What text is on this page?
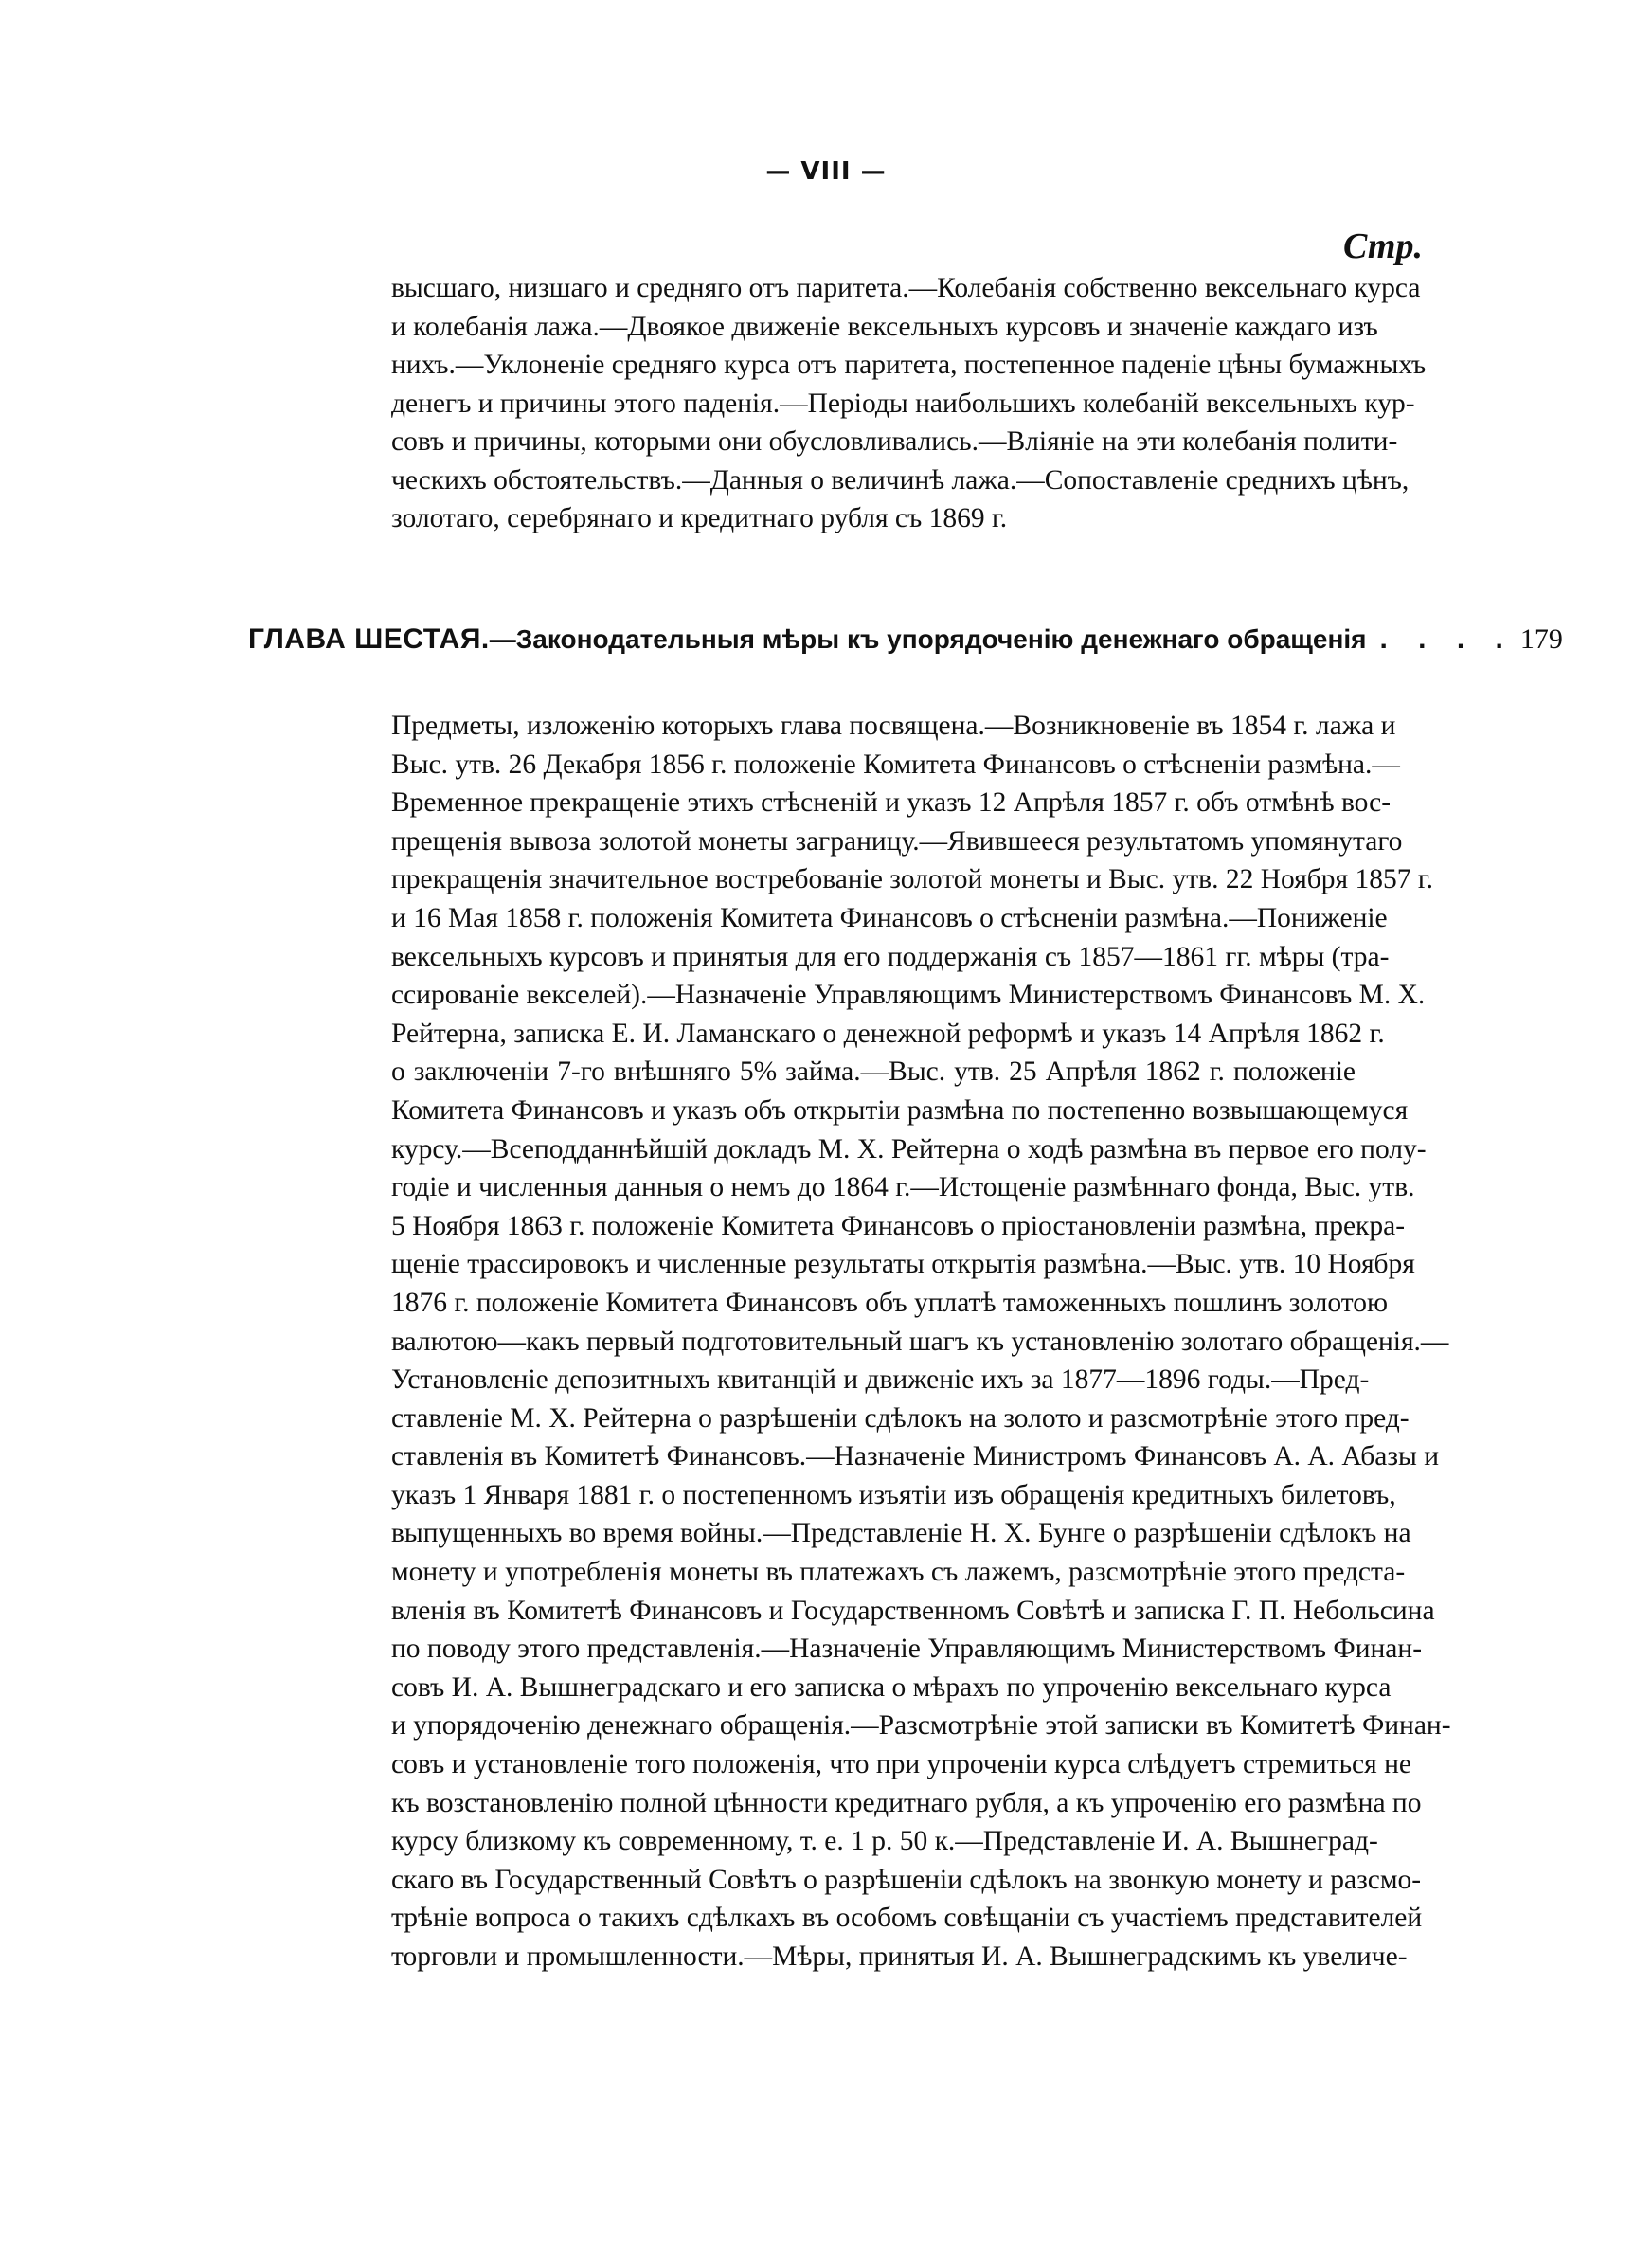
— VIII —
Стр.
высшаго, низшаго и средняго отъ паритета.—Колебанія собственно вексельнаго курса
и колебанія лажа.—Двоякое движеніе вексельныхъ курсовъ и значеніе каждаго изъ
нихъ.—Уклоненіе средняго курса отъ паритета, постепенное паденіе цѣны бумажныхъ
денегъ и причины этого паденія.—Періоды наибольшихъ колебаній вексельныхъ кур-
совъ и причины, которыми они обусловливались.—Вліяніе на эти колебанія полити-
ческихъ обстоятельствъ.—Данныя о величинѣ лажа.—Сопоставленіе среднихъ цѣнъ,
золотаго, серебрянаго и кредитнаго рубля съ 1869 г.
ГЛАВА ШЕСТАЯ. —Законодательныя мѣры къ упорядоченію денежнаго обращенія . . . . 179
Предметы, изложенію которыхъ глава посвящена.—Возникновеніе въ 1854 г. лажа и
Выс. утв. 26 Декабря 1856 г. положеніе Комитета Финансовъ о стѣсненіи размѣна.—
Временное прекращеніе этихъ стѣсненій и указъ 12 Апрѣля 1857 г. объ отмѣнѣ вос-
прещенія вывоза золотой монеты заграницу.—Явившееся результатомъ упомянутаго
прекращенія значительное востребованіе золотой монеты и Выс. утв. 22 Ноября 1857 г.
и 16 Мая 1858 г. положенія Комитета Финансовъ о стѣсненіи размѣна.—Пониженіе
вексельныхъ курсовъ и принятыя для его поддержанія съ 1857—1861 гг. мѣры (тра-
ссированіе векселей).—Назначеніе Управляющимъ Министерствомъ Финансовъ М. Х.
Рейтерна, записка Е. И. Ламанскаго о денежной реформѣ и указъ 14 Апрѣля 1862 г.
о заключеніи 7-го внѣшняго 5% займа.—Выс. утв. 25 Апрѣля 1862 г. положеніе
Комитета Финансовъ и указъ объ открытіи размѣна по постепенно возвышающемуся
курсу.—Всеподданнѣйшій докладъ М. Х. Рейтерна о ходѣ размѣна въ первое его полу-
годіе и численныя данныя о немъ до 1864 г.—Истощеніе размѣннаго фонда, Выс. утв.
5 Ноября 1863 г. положеніе Комитета Финансовъ о пріостановленіи размѣна, прекра-
щеніе трассировокъ и численные результаты открытія размѣна.—Выс. утв. 10 Ноября
1876 г. положеніе Комитета Финансовъ объ уплатѣ таможенныхъ пошлинъ золотою
валютою—какъ первый подготовительный шагъ къ установленію золотаго обращенія.—
Установленіе депозитныхъ квитанцій и движеніе ихъ за 1877—1896 годы.—Пред-
ставленіе М. Х. Рейтерна о разрѣшеніи сдѣлокъ на золото и разсмотрѣніе этого пред-
ставленія въ Комитетѣ Финансовъ.—Назначеніе Министромъ Финансовъ А. А. Абазы и
указъ 1 Января 1881 г. о постепенномъ изъятіи изъ обращенія кредитныхъ билетовъ,
выпущенныхъ во время войны.—Представленіе Н. Х. Бунге о разрѣшеніи сдѣлокъ на
монету и употребленія монеты въ платежахъ съ лажемъ, разсмотрѣніе этого предста-
вленія въ Комитетѣ Финансовъ и Государственномъ Совѣтѣ и записка Г. П. Небольсина
по поводу этого представленія.—Назначеніе Управляющимъ Министерствомъ Финан-
совъ И. А. Вышнеградскаго и его записка о мѣрахъ по упроченію вексельнаго курса
и упорядоченію денежнаго обращенія.—Разсмотрѣніе этой записки въ Комитетѣ Финан-
совъ и установленіе того положенія, что при упроченіи курса слѣдуетъ стремиться не
къ возстановленію полной цѣнности кредитнаго рубля, а къ упроченію его размѣна по
курсу близкому къ современному, т. е. 1 р. 50 к.—Представленіе И. А. Вышнеград-
скаго въ Государственный Совѣтъ о разрѣшеніи сдѣлокъ на звонкую монету и разсмо-
трѣніе вопроса о такихъ сдѣлкахъ въ особомъ совѣщаніи съ участіемъ представителей
торговли и промышленности.—Мѣры, принятыя И. А. Вышнеградскимъ къ увеличе-
